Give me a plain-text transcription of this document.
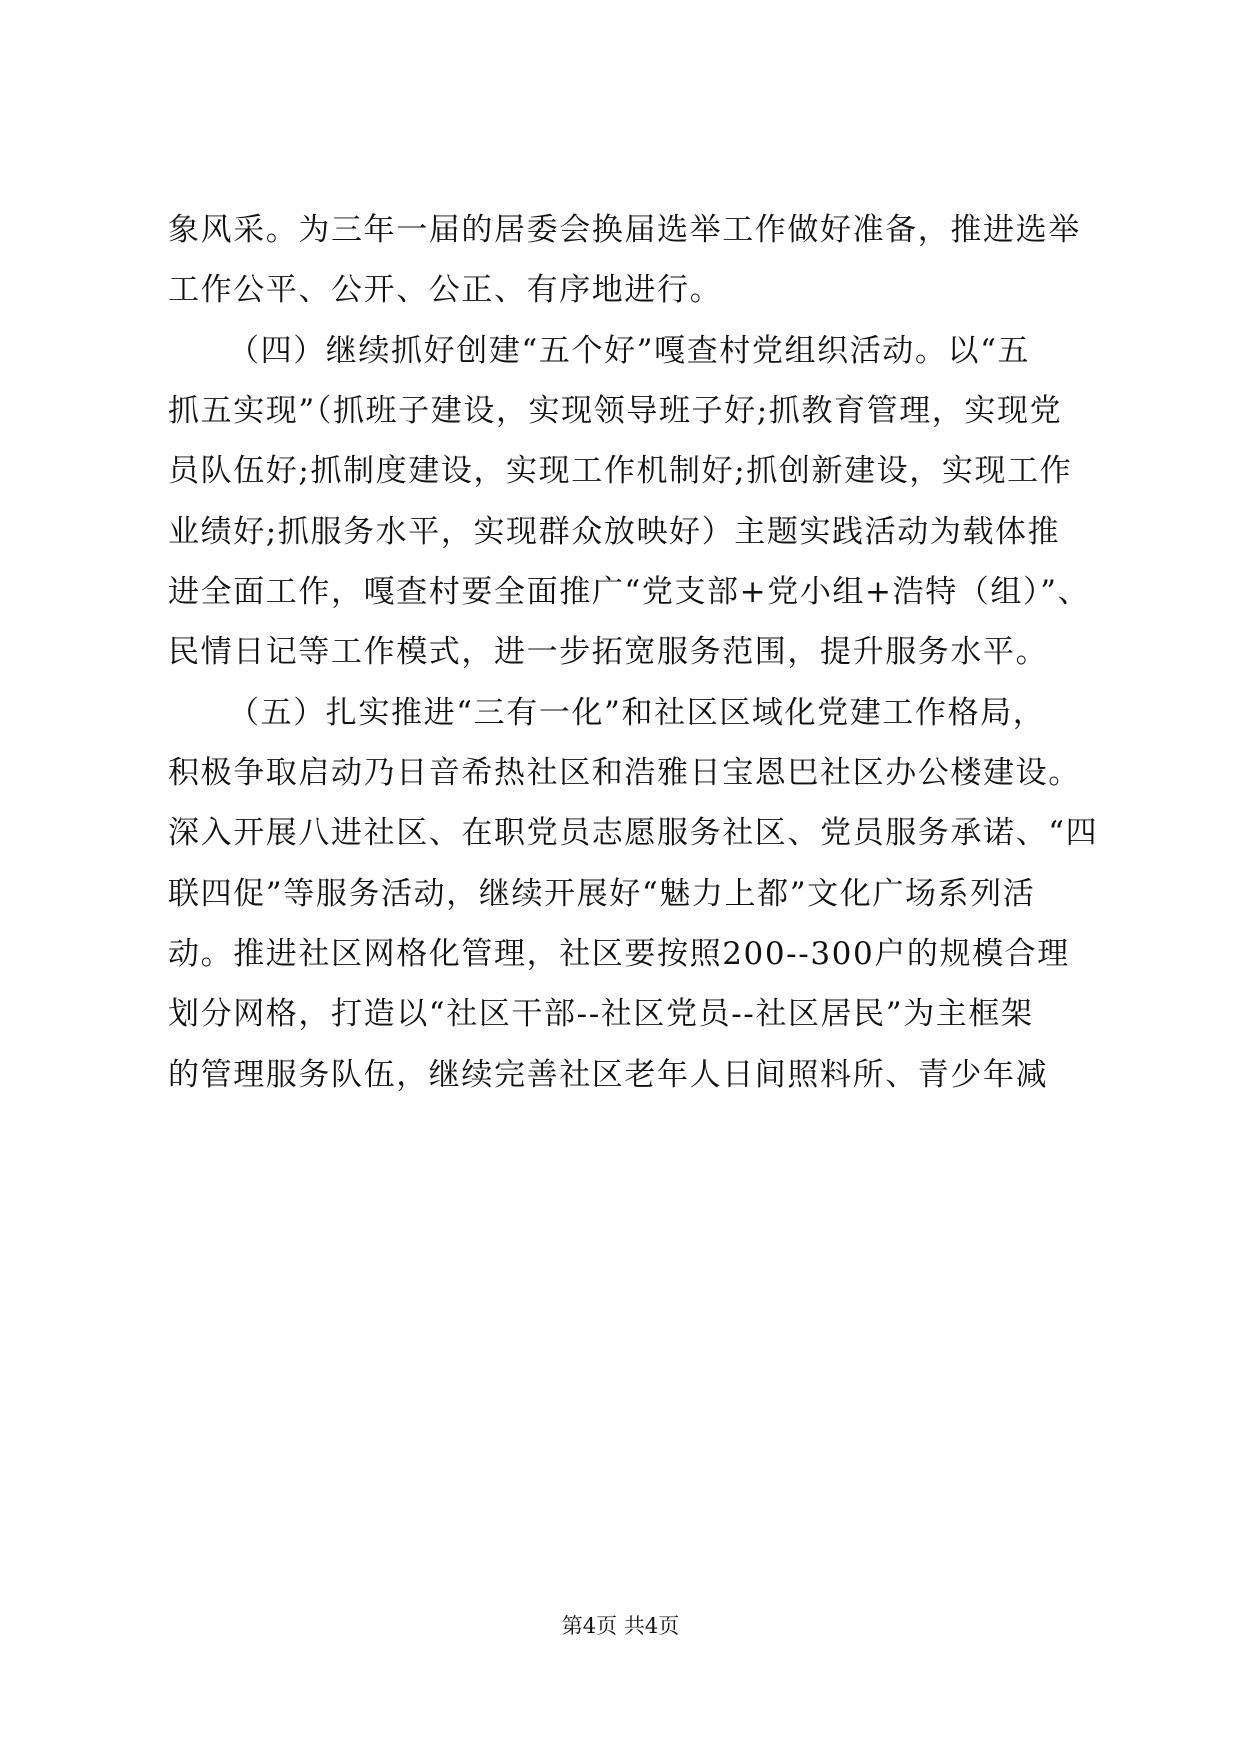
象风采。为三年一届的居委会换届选举工作做好准备，推进选举
工作公平、公开、公正、有序地进行。
（四）继续抓好创建“五个好”嘎查村党组织活动。以“五
抓五实现”（抓班子建设，实现领导班子好;抓教育管理，实现党
员队伍好;抓制度建设，实现工作机制好;抓创新建设，实现工作
业绩好;抓服务水平，实现群众放映好）主题实践活动为载体推
进全面工作，嘎查村要全面推广“党支部+党小组+浩特（组）”、
民情日记等工作模式，进一步拓宽服务范围，提升服务水平。
（五）扎实推进“三有一化”和社区区域化党建工作格局，
积极争取启动乃日音希热社区和浩雅日宝恩巴社区办公楼建设。
深入开展八进社区、在职党员志愿服务社区、党员服务承诺、“四
联四促”等服务活动，继续开展好“魅力上都”文化广场系列活
动。推进社区网格化管理，社区要按照200--300户的规模合理
划分网格，打造以“社区干部--社区党员--社区居民”为主框架
的管理服务队伍，继续完善社区老年人日间照料所、青少年减
第4页 共4页
